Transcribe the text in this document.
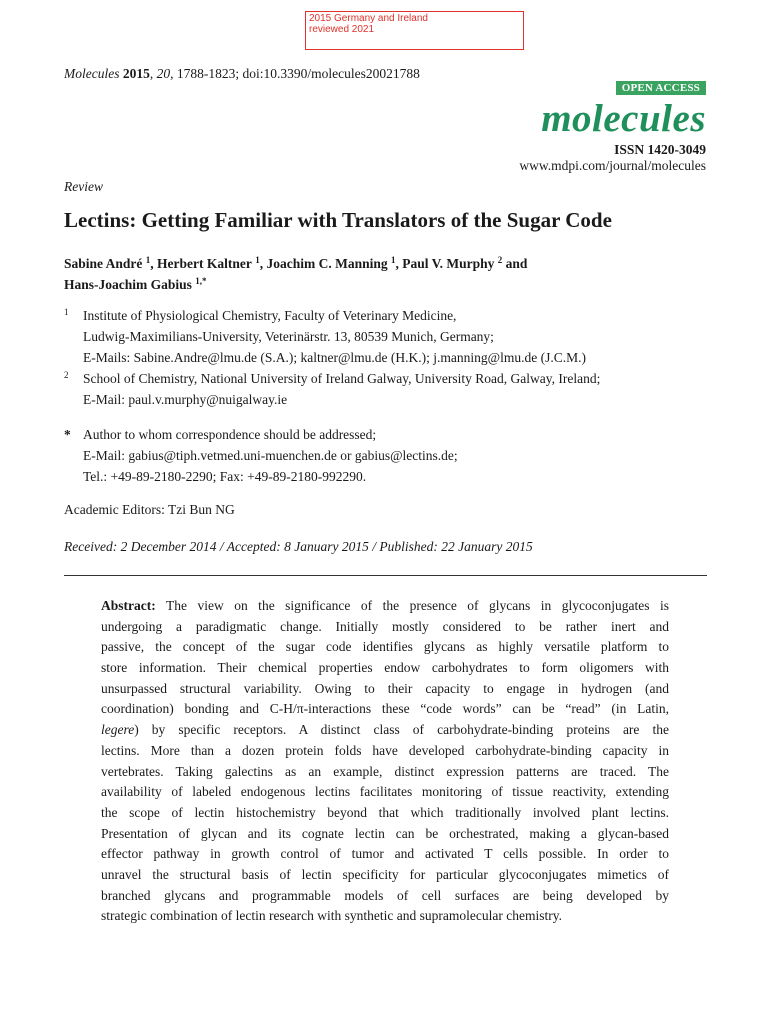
2015 Germany and Ireland
reviewed 2021
Molecules 2015, 20, 1788-1823; doi:10.3390/molecules20021788
OPEN ACCESS
molecules
ISSN 1420-3049
www.mdpi.com/journal/molecules
Review
Lectins: Getting Familiar with Translators of the Sugar Code
Sabine André $^1$, Herbert Kaltner $^1$, Joachim C. Manning $^1$, Paul V. Murphy $^2$ and
Hans-Joachim Gabius $^{1,*}$
1 Institute of Physiological Chemistry, Faculty of Veterinary Medicine,
Ludwig-Maximilians-University, Veterinärstr. 13, 80539 Munich, Germany;
E-Mails: Sabine.Andre@lmu.de (S.A.); kaltner@lmu.de (H.K.); j.manning@lmu.de (J.C.M.)
2 School of Chemistry, National University of Ireland Galway, University Road, Galway, Ireland;
E-Mail: paul.v.murphy@nuigalway.ie
* Author to whom correspondence should be addressed;
E-Mail: gabius@tiph.vetmed.uni-muenchen.de or gabius@lectins.de;
Tel.: +49-89-2180-2290; Fax: +49-89-2180-992290.
Academic Editors: Tzi Bun NG
Received: 2 December 2014 / Accepted: 8 January 2015 / Published: 22 January 2015
Abstract: The view on the significance of the presence of glycans in glycoconjugates is
undergoing a paradigmatic change. Initially mostly considered to be rather inert and
passive, the concept of the sugar code identifies glycans as highly versatile platform to
store information. Their chemical properties endow carbohydrates to form oligomers with
unsurpassed structural variability. Owing to their capacity to engage in hydrogen (and
coordination) bonding and C-H/π-interactions these “code words” can be “read” (in Latin,
legere) by specific receptors. A distinct class of carbohydrate-binding proteins are the
lectins. More than a dozen protein folds have developed carbohydrate-binding capacity in
vertebrates. Taking galectins as an example, distinct expression patterns are traced. The
availability of labeled endogenous lectins facilitates monitoring of tissue reactivity, extending
the scope of lectin histochemistry beyond that which traditionally involved plant lectins.
Presentation of glycan and its cognate lectin can be orchestrated, making a glycan-based
effector pathway in growth control of tumor and activated T cells possible. In order to
unravel the structural basis of lectin specificity for particular glycoconjugates mimetics of
branched glycans and programmable models of cell surfaces are being developed by
strategic combination of lectin research with synthetic and supramolecular chemistry.
